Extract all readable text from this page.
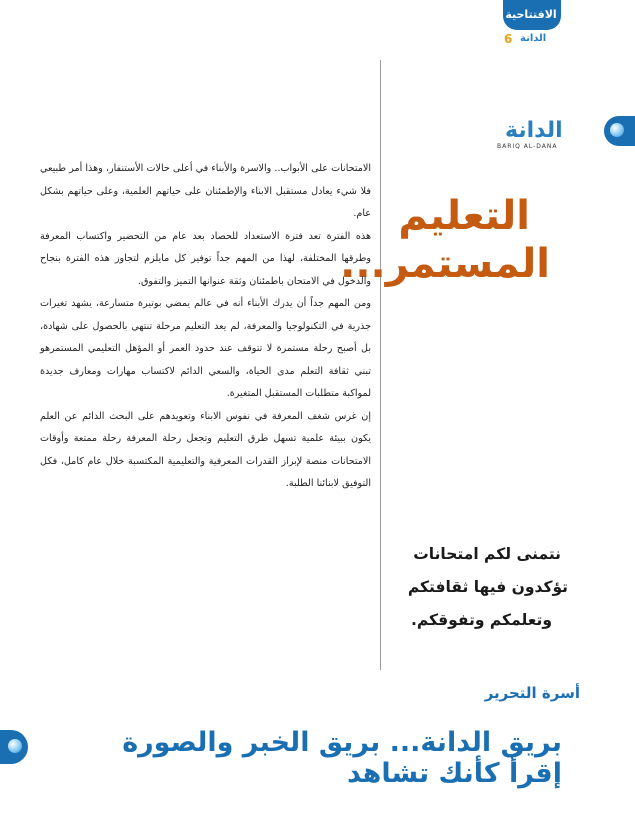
الافتتاحية
الدانة
6
الدانة
BARIQ AL-DANA
التعليم
المستمر...

الامتحانات على الأبواب.. والاسرة والأبناء في أعلى حالات الأستنفار، وهذا أمر طبيعي فلا شيء يعادل مستقبل الابناء والإطمئنان على حياتهم العلمية، وعلى حياتهم بشكل عام.

هذه الفترة تعد فترة الاستعداد للحصاد بعد عام من التحضير واكتساب المعرفة وطرقها المختلفة، لهذا من المهم جداً توفير كل مايلزم لتجاوز هذه الفترة بنجاح والدخول في الامتحان باطمئنان وثقة عنوانها التميز والتفوق.

ومن المهم جداً أن يدرك الأبناء أنه في عالم يمضي بوتيرة متسارعة، يشهد تغيرات جذرية في التكنولوجيا والمعرفة، لم يعد التعليم مرحلة تنتهي بالحصول على شهادة، بل أصبح رحلة مستمرة لا تتوقف عند حدود العمر أو المؤهل التعليمي المستمرهو تبني ثقافة التعلم مدى الحياة، والسعي الدائم لاكتساب مهارات ومعارف جديدة لمواكبة متطلبات المستقبل المتغيرة.

إن غرس شغف المعرفة في نفوس الابناء وتعويدهم على البحث الدائم عن العلم يكون ببيئة علمية تسهل طرق التعليم وتجعل رحلة المعرفة رحلة ممتعة وأوقات الامتحانات منصة لإبراز القدرات المعرفية والتعليمية المكتسبة خلال عام كامل، فكل التوفيق لابنائنا الطلبة.

نتمنى لكم امتحانات
تؤكدون فيها ثقافتكم
وتعلمكم وتفوقكم.
أسرة التحرير
بريق الدانة... بريق الخبر والصورة إقرأ كأنك تشاهد
